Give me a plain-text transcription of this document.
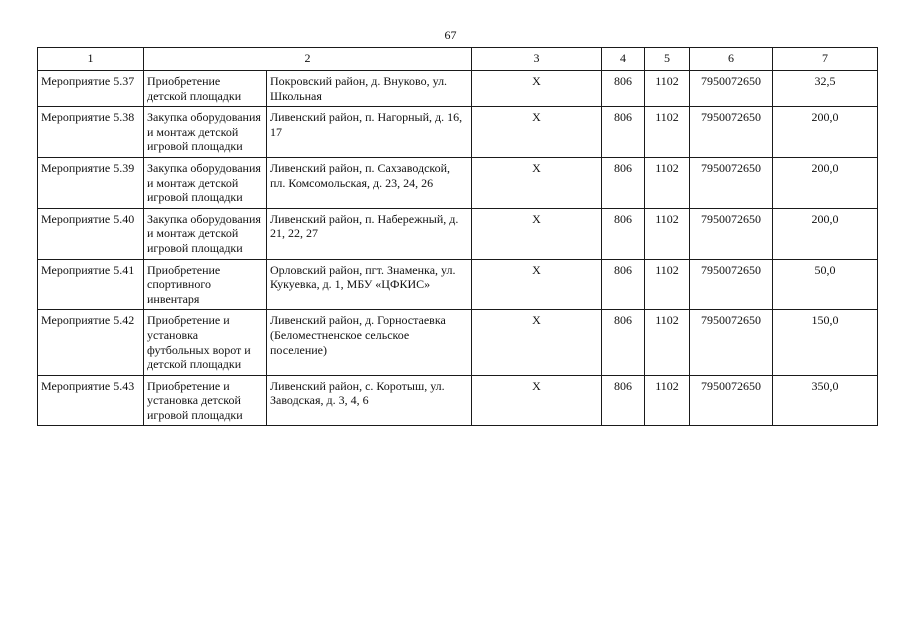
67
1	2		3	4	5	6	7
Мероприятие 5.37	Приобретение детской площадки	Покровский район, д. Внуково, ул. Школьная	Х	806	1102	7950072650	32,5
Мероприятие 5.38	Закупка оборудования и монтаж детской игровой площадки	Ливенский район, п. Нагорный, д. 16, 17	Х	806	1102	7950072650	200,0
Мероприятие 5.39	Закупка оборудования и монтаж детской игровой площадки	Ливенский район, п. Сахзаводской, пл. Комсомольская, д. 23, 24, 26	Х	806	1102	7950072650	200,0
Мероприятие 5.40	Закупка оборудования и монтаж детской игровой площадки	Ливенский район, п. Набережный, д. 21, 22, 27	Х	806	1102	7950072650	200,0
Мероприятие 5.41	Приобретение спортивного инвентаря	Орловский район, пгт. Знаменка, ул. Кукуевка, д. 1, МБУ «ЦФКИС»	Х	806	1102	7950072650	50,0
Мероприятие 5.42	Приобретение и установка футбольных ворот и детской площадки	Ливенский район, д. Горностаевка (Беломестненское сельское поселение)	Х	806	1102	7950072650	150,0
Мероприятие 5.43	Приобретение и установка детской игровой площадки	Ливенский район, с. Коротыш, ул. Заводская, д. 3, 4, 6	Х	806	1102	7950072650	350,0
